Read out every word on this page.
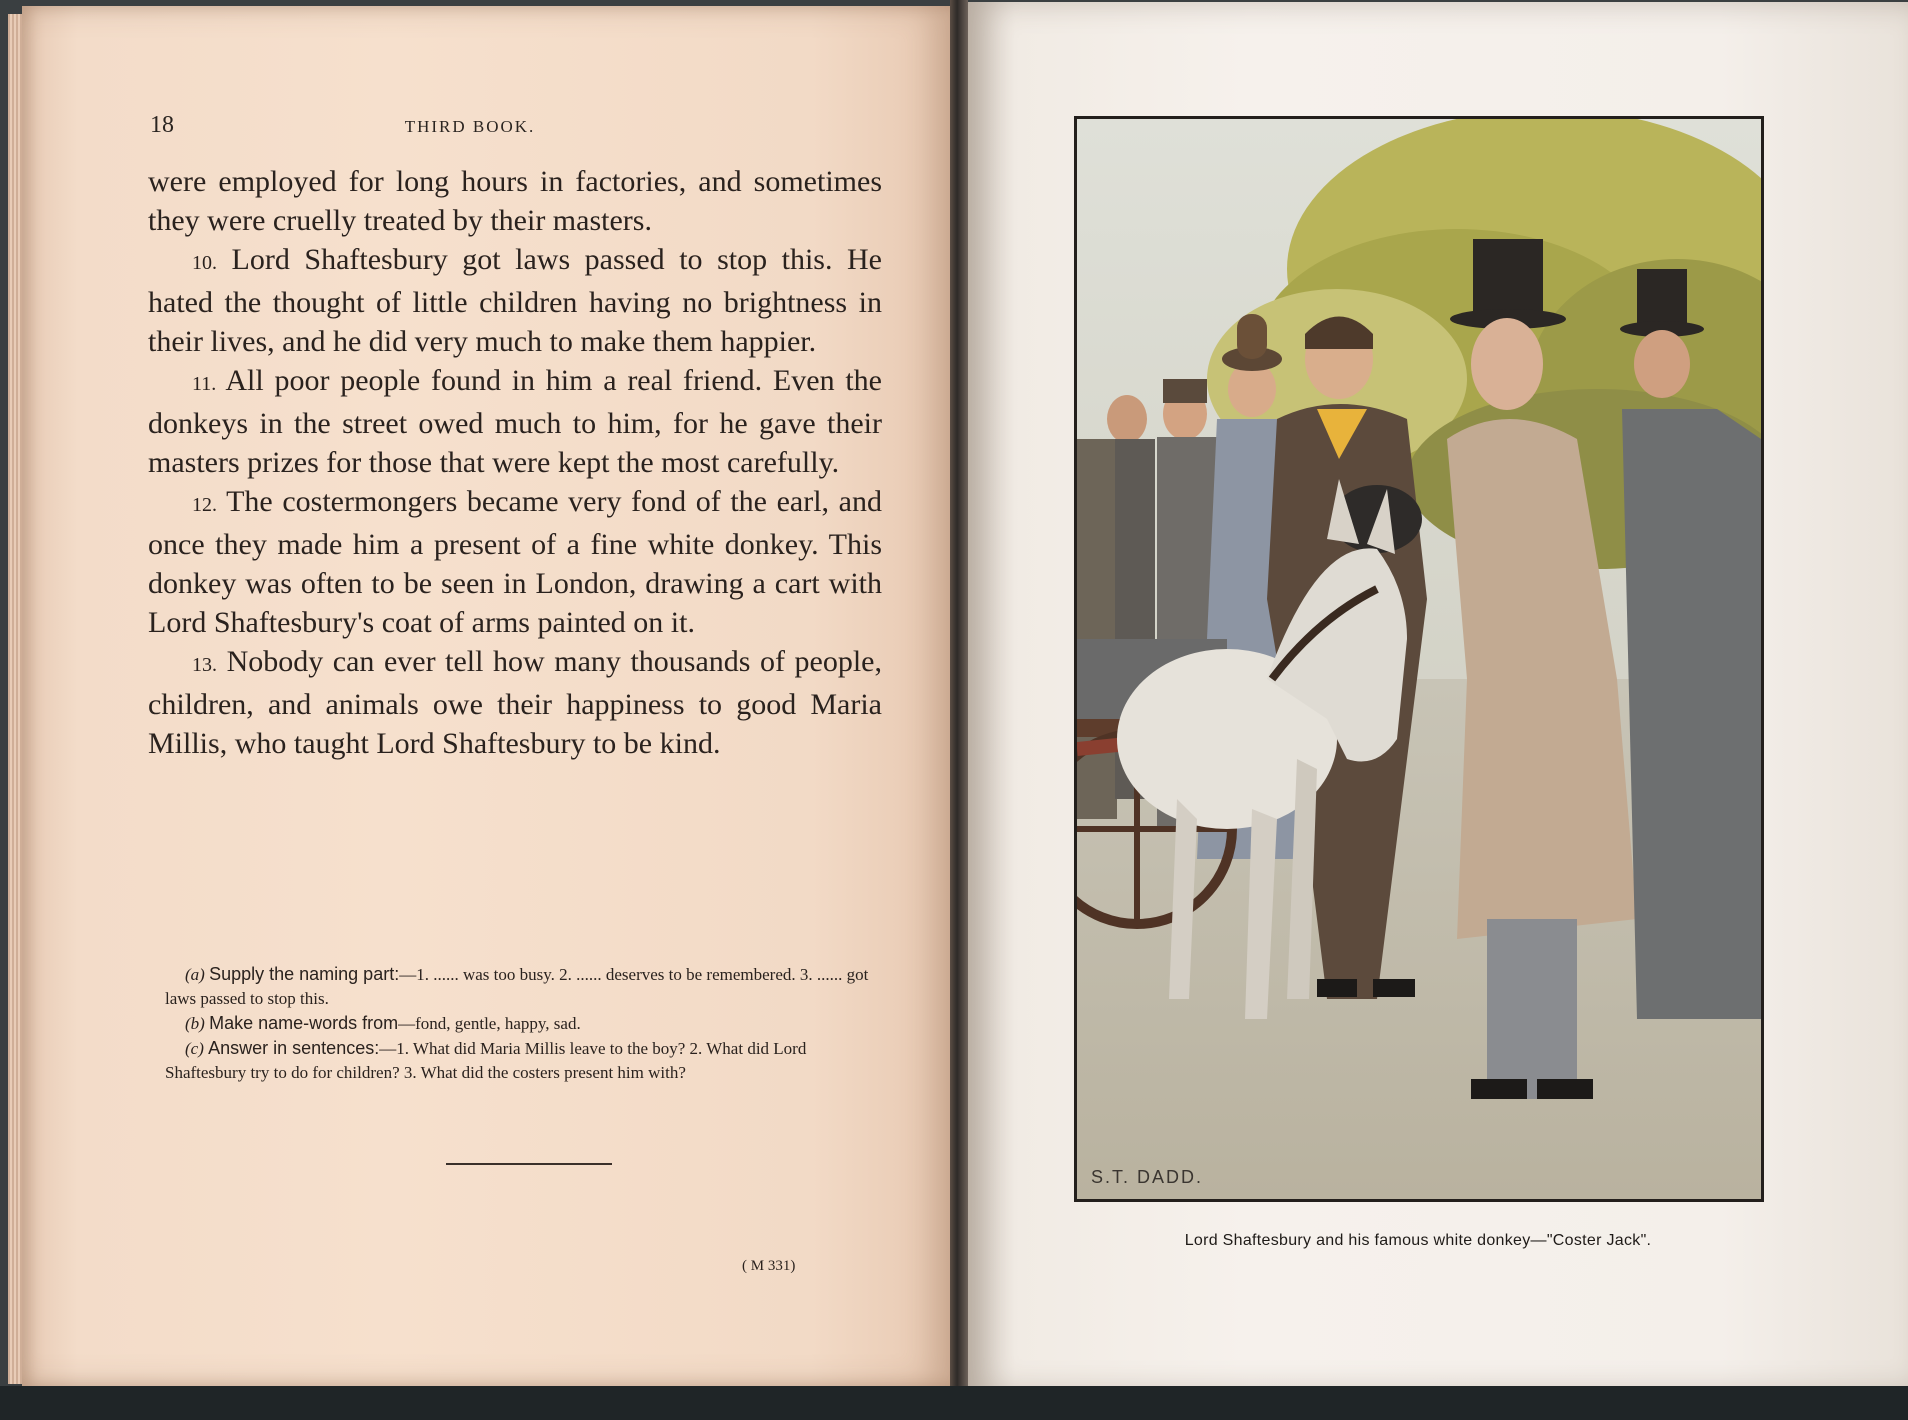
18	THIRD BOOK.

were employed for long hours in factories, and sometimes they were cruelly treated by their masters.

10. Lord Shaftesbury got laws passed to stop this. He hated the thought of little children having no brightness in their lives, and he did very much to make them happier.

11. All poor people found in him a real friend. Even the donkeys in the street owed much to him, for he gave their masters prizes for those that were kept the most carefully.

12. The costermongers became very fond of the earl, and once they made him a present of a fine white donkey. This donkey was often to be seen in London, drawing a cart with Lord Shaftesbury's coat of arms painted on it.

13. Nobody can ever tell how many thousands of people, children, and animals owe their happiness to good Maria Millis, who taught Lord Shaftesbury to be kind.

(a) Supply the naming part:—1. ...... was too busy. 2. ...... deserves to be remembered. 3. ...... got laws passed to stop this.

(b) Make name-words from—fond, gentle, happy, sad.

(c) Answer in sentences:—1. What did Maria Millis leave to the boy? 2. What did Lord Shaftesbury try to do for children? 3. What did the costers present him with?

( M 331)
S.T. DADD.
Lord Shaftesbury and his famous white donkey—"Coster Jack".
